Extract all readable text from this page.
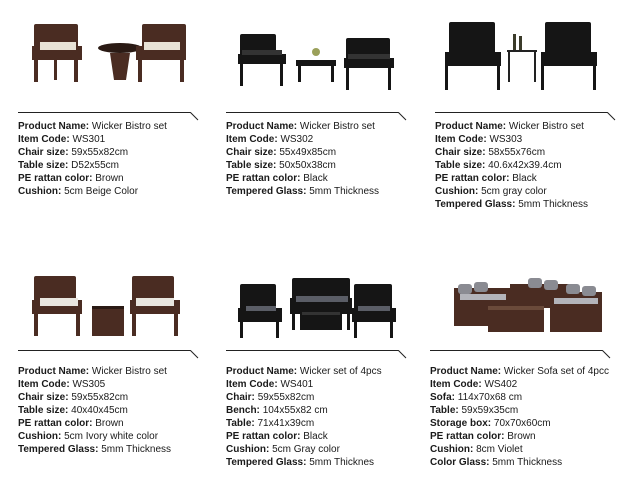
Product Name: Wicker Bistro set
Item Code: WS301
Chair size: 59x55x82cm
Table size: D52x55cm
PE rattan color: Brown
Cushion: 5cm Beige Color
Product Name: Wicker Bistro set
Item Code: WS302
Chair size: 55x49x85cm
Table size: 50x50x38cm
PE rattan color: Black
Tempered Glass: 5mm Thickness
Product Name: Wicker Bistro set
Item Code: WS303
Chair size: 58x55x76cm
Table size: 40.6x42x39.4cm
PE rattan color: Black
Cushion: 5cm gray color
Tempered Glass: 5mm Thickness
Product Name: Wicker Bistro set
Item Code: WS305
Chair size: 59x55x82cm
Table size: 40x40x45cm
PE rattan color: Brown
Cushion: 5cm Ivory white color
Tempered Glass: 5mm Thickness
Product Name: Wicker set of 4pcs
Item Code: WS401
Chair: 59x55x82cm
Bench: 104x55x82 cm
Table: 71x41x39cm
PE rattan color: Black
Cushion: 5cm Gray color
Tempered Glass: 5mm Thicknes
Product Name: Wicker Sofa set of 4pcc
Item Code: WS402
Sofa: 114x70x68 cm
Table: 59x59x35cm
Storage box: 70x70x60cm
PE rattan color: Brown
Cushion: 8cm Violet
Color Glass: 5mm Thickness
